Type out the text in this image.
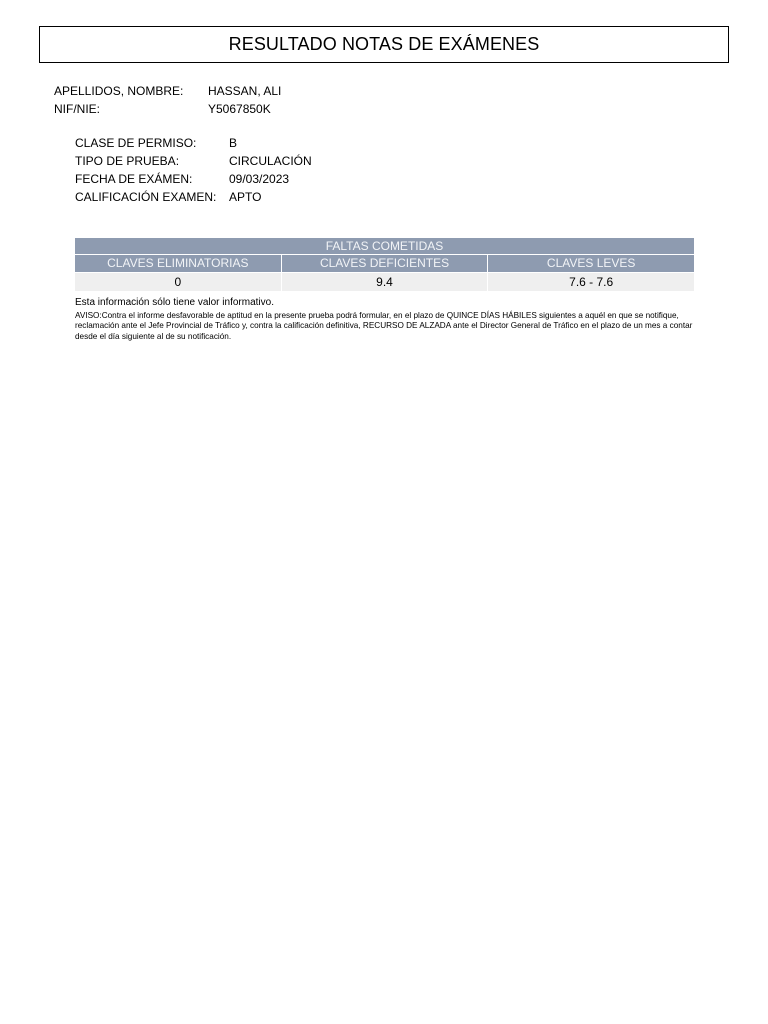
RESULTADO NOTAS DE EXÁMENES
APELLIDOS, NOMBRE: HASSAN, ALI
NIF/NIE:	Y5067850K
CLASE DE PERMISO:	B
TIPO DE PRUEBA:	CIRCULACIÓN
FECHA DE EXÁMEN:	09/03/2023
CALIFICACIÓN EXAMEN: APTO
FALTAS COMETIDAS
CLAVES ELIMINATORIAS	CLAVES DEFICIENTES	CLAVES LEVES
0	9.4	7.6 - 7.6
Esta información sólo tiene valor informativo.
AVISO:Contra el informe desfavorable de aptitud en la presente prueba podrá formular, en el plazo de QUINCE DÍAS HÁBILES siguientes a aquél en que se notifique, reclamación ante el Jefe Provincial de Tráfico y, contra la calificación definitiva, RECURSO DE ALZADA ante el Director General de Tráfico en el plazo de un mes a contar desde el día siguiente al de su notificación.
